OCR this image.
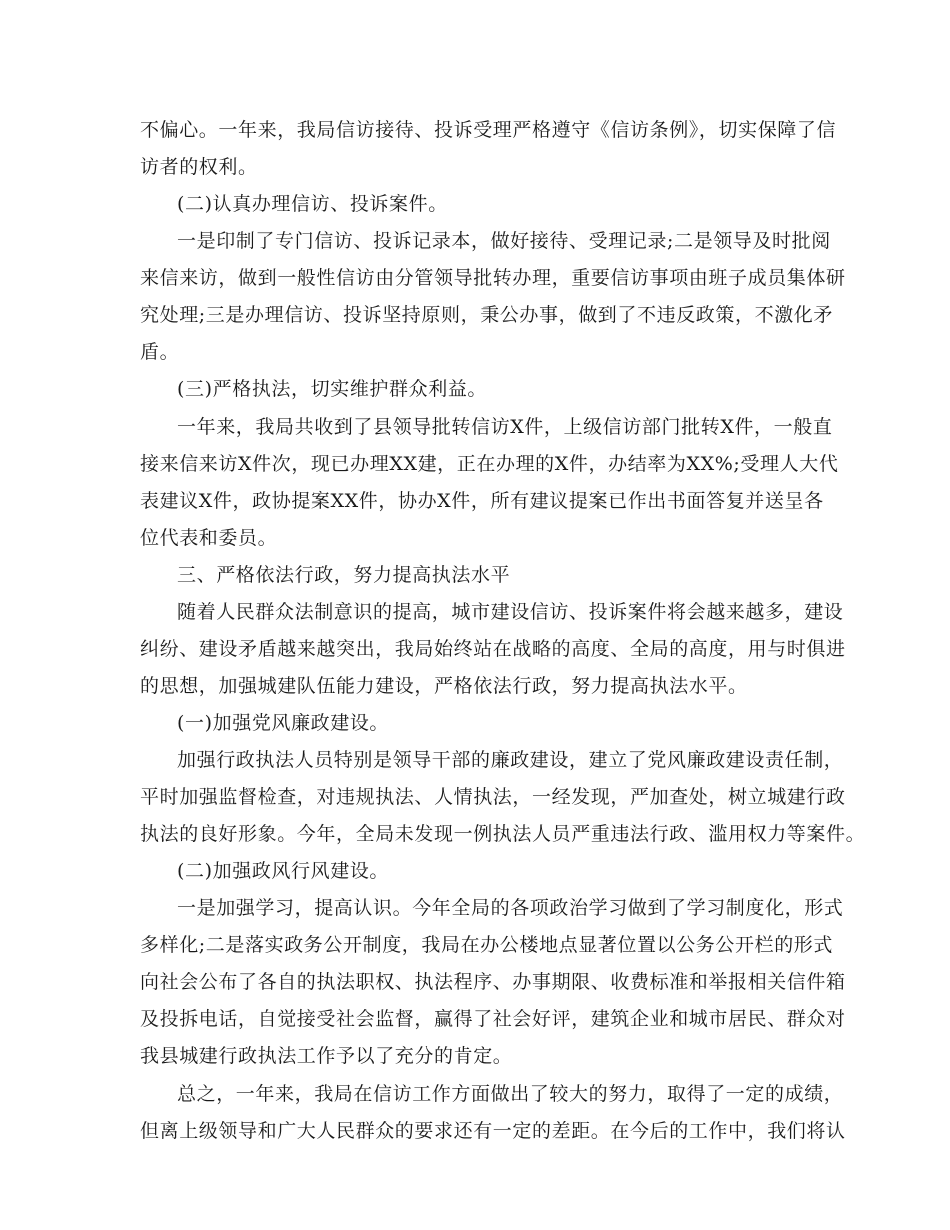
不偏心。一年来，我局信访接待、投诉受理严格遵守《信访条例》，切实保障了信
访者的权利。
(二)认真办理信访、投诉案件。
一是印制了专门信访、投诉记录本，做好接待、受理记录;二是领导及时批阅
来信来访，做到一般性信访由分管领导批转办理，重要信访事项由班子成员集体研
究处理;三是办理信访、投诉坚持原则，秉公办事，做到了不违反政策，不激化矛
盾。
(三)严格执法，切实维护群众利益。
一年来，我局共收到了县领导批转信访X件，上级信访部门批转X件，一般直
接来信来访X件次，现已办理XX建，正在办理的X件，办结率为XX%;受理人大代
表建议X件，政协提案XX件，协办X件，所有建议提案已作出书面答复并送呈各
位代表和委员。
三、严格依法行政，努力提高执法水平
随着人民群众法制意识的提高，城市建设信访、投诉案件将会越来越多，建设
纠纷、建设矛盾越来越突出，我局始终站在战略的高度、全局的高度，用与时俱进
的思想，加强城建队伍能力建设，严格依法行政，努力提高执法水平。
(一)加强党风廉政建设。
加强行政执法人员特别是领导干部的廉政建设，建立了党风廉政建设责任制，
平时加强监督检查，对违规执法、人情执法，一经发现，严加查处，树立城建行政
执法的良好形象。今年，全局未发现一例执法人员严重违法行政、滥用权力等案件。
(二)加强政风行风建设。
一是加强学习，提高认识。今年全局的各项政治学习做到了学习制度化，形式
多样化;二是落实政务公开制度，我局在办公楼地点显著位置以公务公开栏的形式
向社会公布了各自的执法职权、执法程序、办事期限、收费标准和举报相关信件箱
及投拆电话，自觉接受社会监督，赢得了社会好评，建筑企业和城市居民、群众对
我县城建行政执法工作予以了充分的肯定。
总之，一年来，我局在信访工作方面做出了较大的努力，取得了一定的成绩，
但离上级领导和广大人民群众的要求还有一定的差距。在今后的工作中，我们将认
